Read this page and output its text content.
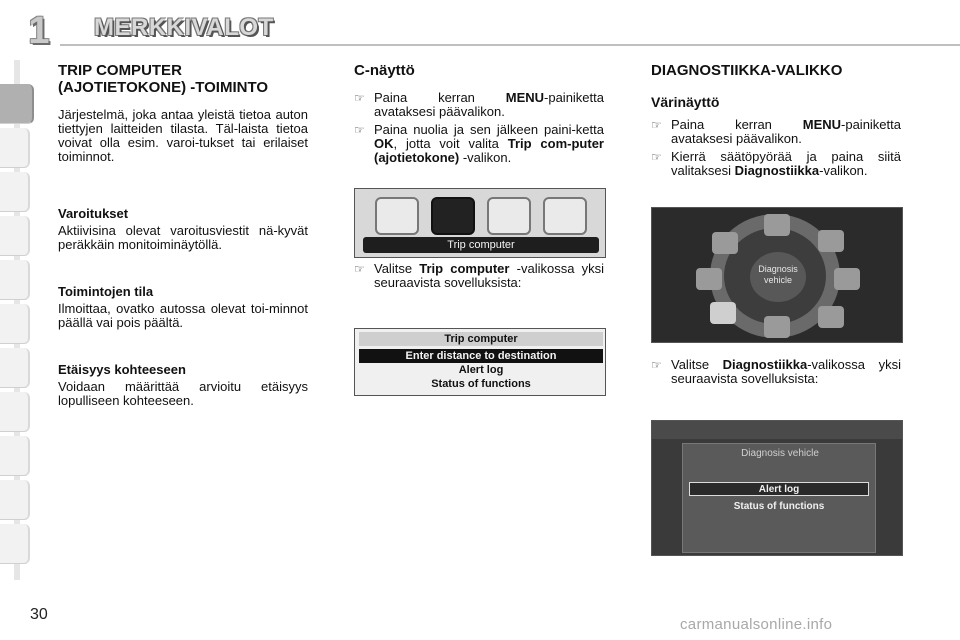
1	MERKKIVALOT
TRIP COMPUTER
(AJOTIETOKONE) -TOIMINTO

Järjestelmä, joka antaa yleistä tietoa auton tiettyjen laitteiden tilasta. Täl-laista tietoa voivat olla esim. varoi-tukset tai erilaiset toiminnot.

Varoitukset

Aktiivisina olevat varoitusviestit nä-kyvät peräkkäin monitoiminäytöllä.

Toimintojen tila

Ilmoittaa, ovatko autossa olevat toi-minnot päällä vai pois päältä.

Etäisyys kohteeseen

Voidaan määrittää arvioitu etäisyys lopulliseen kohteeseen.

C-näyttö
☞ Paina kerran MENU-painiketta avataksesi päävalikon.
☞ Paina nuolia ja sen jälkeen paini-ketta OK, jotta voit valita Trip com-puter (ajotietokone) -valikon.
☞ Valitse Trip computer -valikossa yksi seuraavista sovelluksista:
Trip computer
Trip computer
Enter distance to destination
Alert log
Status of functions
DIAGNOSTIIKKA-VALIKKO
Värinäyttö
☞ Paina kerran MENU-painiketta avataksesi päävalikon.
☞ Kierrä säätöpyörää ja paina siitä valitaksesi Diagnostiikka-valikon.
☞ Valitse Diagnostiikka-valikossa yksi seuraavista sovelluksista:
Diagnosis vehicle
Diagnosis vehicle
Alert log
Status of functions
30
carmanualsonline.info
